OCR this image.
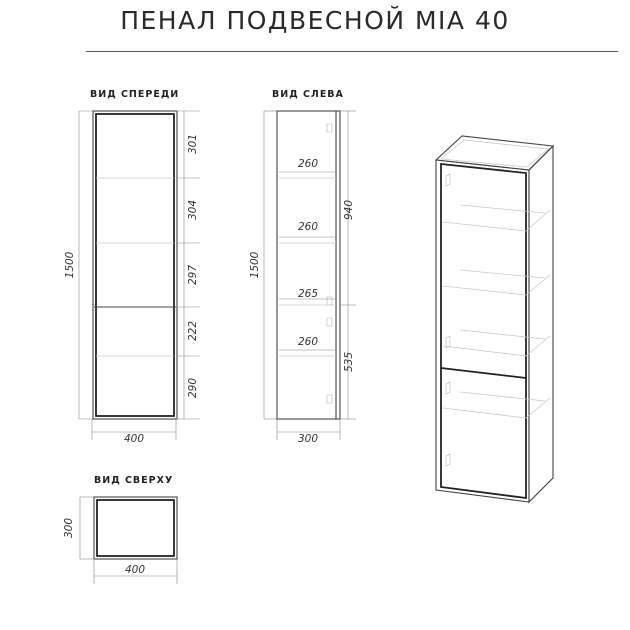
ПЕНАЛ ПОДВЕСНОЙ MIA 40
ВИД СПЕРЕДИ
1500
400
301
304
297
222
290
ВИД СЛЕВА
1500
300
260
260
265
260
940
535
ВИД СВЕРХУ
300
400
